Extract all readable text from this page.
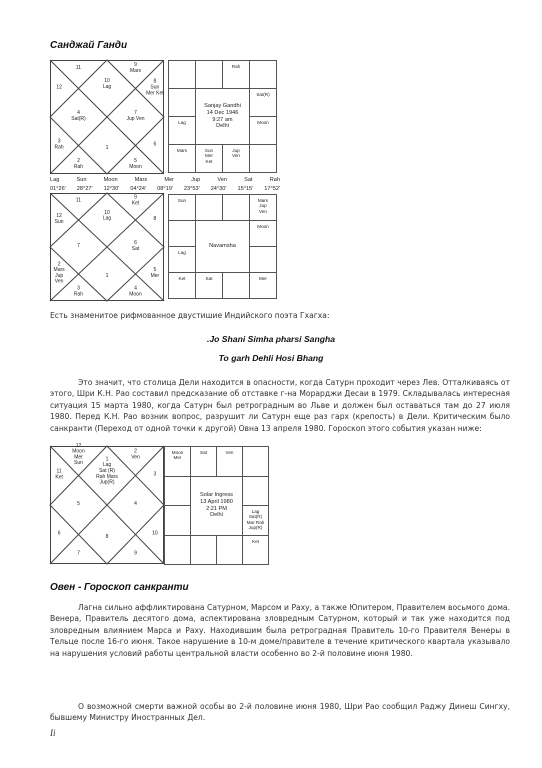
Санджай Ганди
10 Lag
11
12
9 Mars
8 Sun Mer Ket
7 Jup Ven
4 Sat(R)
3 Rah
2 Rah
1
5 Moon
6
Rah
Sat(R)
Lag	Moon
Mars	Sun
Mer
Ket
Jup
Ven
Sanjay Gandhi
14 Dec 1946
9:27 am
Delhi
Lag	Sun	Moon	Mars	Mer	Jup	Ven	Sat	Rah
01°26' 28°27' 12°30' 04°24' 08°19' 23°53' 24°30' 15°15' 17°52'
10 Lag
11
12 Sun
9 Ket
8
6 Sat
7
2 Mars Jup Ven
3 Rah
1
4 Moon
5 Mer
Sun	Mars
Jup
Ven
Moon
Lag
Ket	Sat	Mer
Navamsha
Есть знаменитое рифмованное двустишие Индийского поэта Гхагха:
.Jo Shani Simha pharsi Sangha
To garh Dehli Hosi Bhang
Это значит, что столица Дели находится в опасности, когда Сатурн проходит через Лев. Отталкиваясь от этого, Шри К.Н. Рао составил предсказание об отставке г-на Морарджи Десаи в 1979. Складывалась интересная ситуация 15 марта 1980, когда Сатурн был ретроградным во Льве и должен был оставаться там до 27 июля 1980. Перед К.Н. Рао возник вопрос, разрушит ли Сатурн еще раз гарх (крепость) в Дели. Критическим было санкранти (Переход от одной точки к другой) Овна 13 апреля 1980. Гороскоп этого события указан ниже:
1 Lag Sat (R) Rah Mars Jup(R)
12 Moon Mer Sun
11 Ket
2 Ven
3
4
5
6
7
8
9
10
Moon
Mer
Sat	Ven
Lag
Sat(R)
Mar Rah
Jup(R)
Ket
Solar Ingress
13 April 1980
2:21 PM
Delhi
Овен - Гороскоп санкранти
Лагна сильно аффликтирована Сатурном, Марсом и Раху, а также Юпитером, Правителем восьмого дома. Венера, Правитель десятого дома, аспектирована зловредным Сатурном, который и так уже находится под зловредным влиянием Марса и Раху. Находившим была ретроградная Правитель 10-го Правителя Венеры в Тельце после 16-го июня. Такое нарушение в 10-м доме/правителе в течение критического квартала указывало на нарушения условий работы центральной власти особенно во 2-й половине июня 1980.
О возможной смерти важной особы во 2-й половине июня 1980, Шри Рао сообщил Раджу Динеш Сингху, бывшему Министру Иностранных Дел.
Ii
